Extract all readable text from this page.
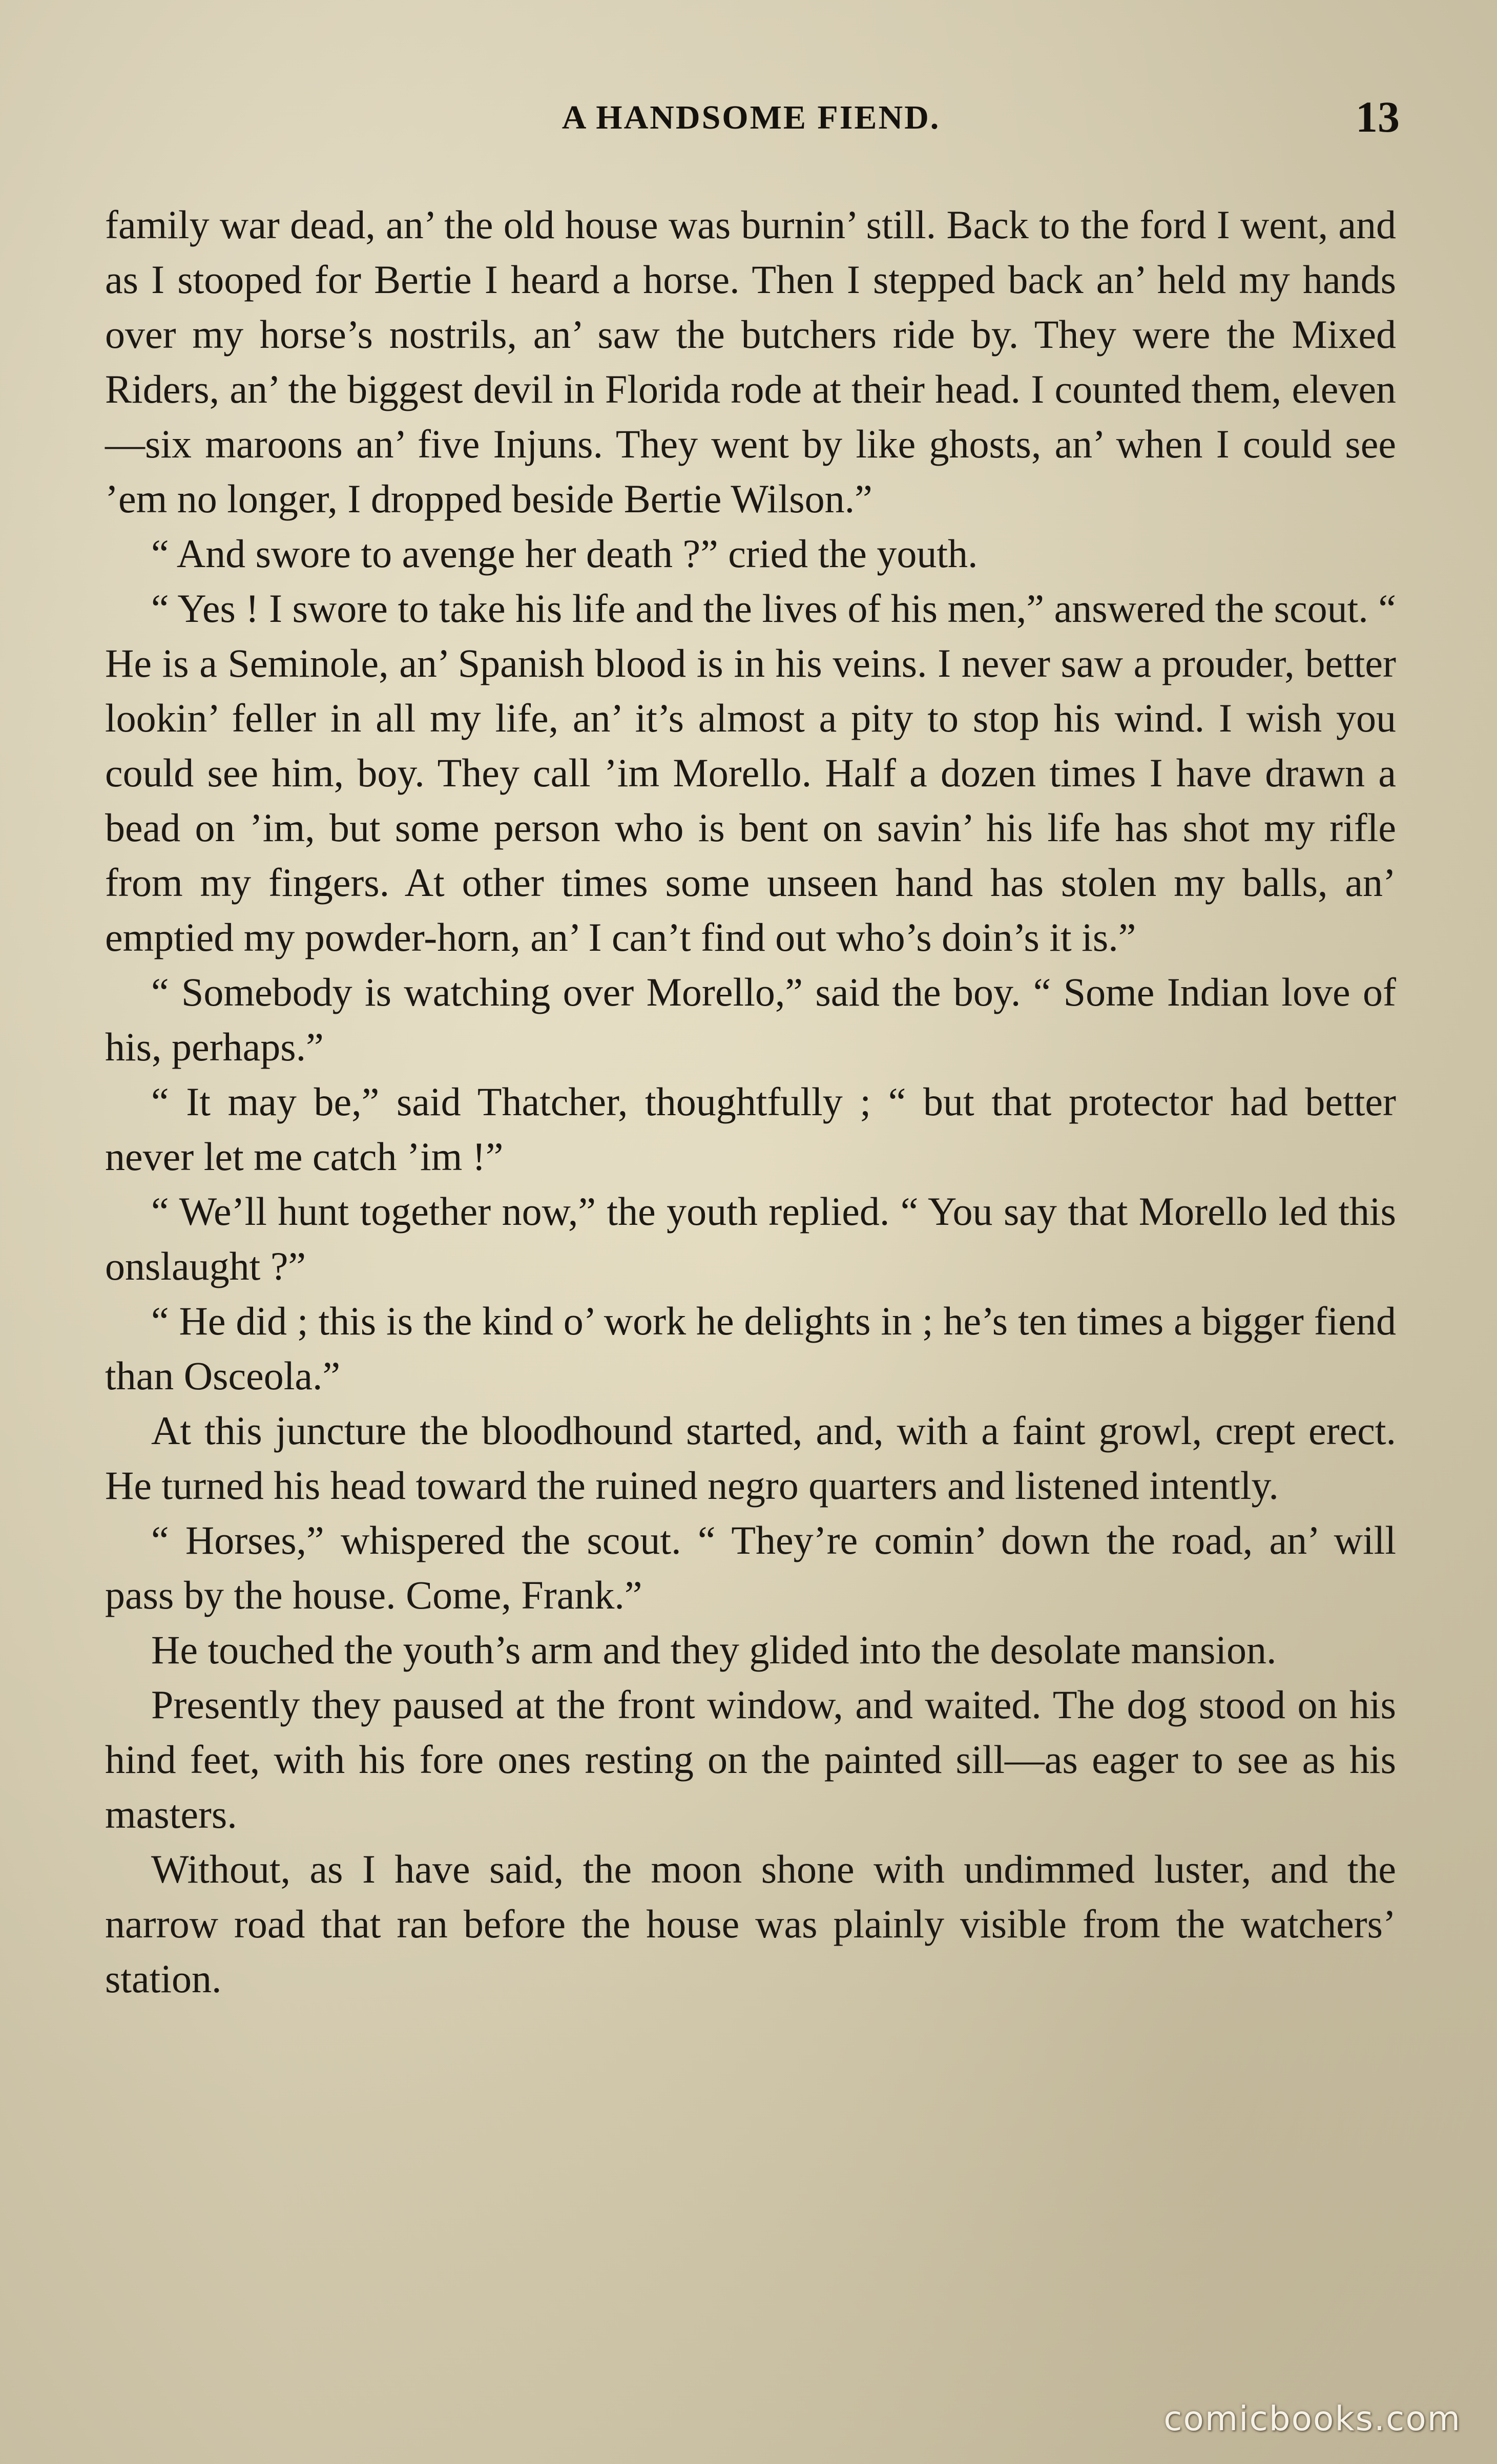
A HANDSOME FIEND.	13

family war dead, an’ the old house was burnin’ still. Back to the ford I went, and as I stooped for Bertie I heard a horse. Then I stepped back an’ held my hands over my horse’s nostrils, an’ saw the butchers ride by. They were the Mixed Riders, an’ the biggest devil in Florida rode at their head. I counted them, eleven—six maroons an’ five Injuns. They went by like ghosts, an’ when I could see ’em no longer, I dropped beside Bertie Wilson.”

“ And swore to avenge her death ?” cried the youth.

“ Yes ! I swore to take his life and the lives of his men,” answered the scout. “ He is a Seminole, an’ Spanish blood is in his veins. I never saw a prouder, better lookin’ feller in all my life, an’ it’s almost a pity to stop his wind. I wish you could see him, boy. They call ’im Morello. Half a dozen times I have drawn a bead on ’im, but some person who is bent on savin’ his life has shot my rifle from my fingers. At other times some unseen hand has stolen my balls, an’ emptied my powder-horn, an’ I can’t find out who’s doin’s it is.”

“ Somebody is watching over Morello,” said the boy. “ Some Indian love of his, perhaps.”

“ It may be,” said Thatcher, thoughtfully ; “ but that protector had better never let me catch ’im !”

“ We’ll hunt together now,” the youth replied. “ You say that Morello led this onslaught ?”

“ He did ; this is the kind o’ work he delights in ; he’s ten times a bigger fiend than Osceola.”

At this juncture the bloodhound started, and, with a faint growl, crept erect. He turned his head toward the ruined negro quarters and listened intently.

“ Horses,” whispered the scout. “ They’re comin’ down the road, an’ will pass by the house. Come, Frank.”

He touched the youth’s arm and they glided into the desolate mansion.

Presently they paused at the front window, and waited. The dog stood on his hind feet, with his fore ones resting on the painted sill—as eager to see as his masters.

Without, as I have said, the moon shone with undimmed luster, and the narrow road that ran before the house was plainly visible from the watchers’ station.

comicbooks.com
